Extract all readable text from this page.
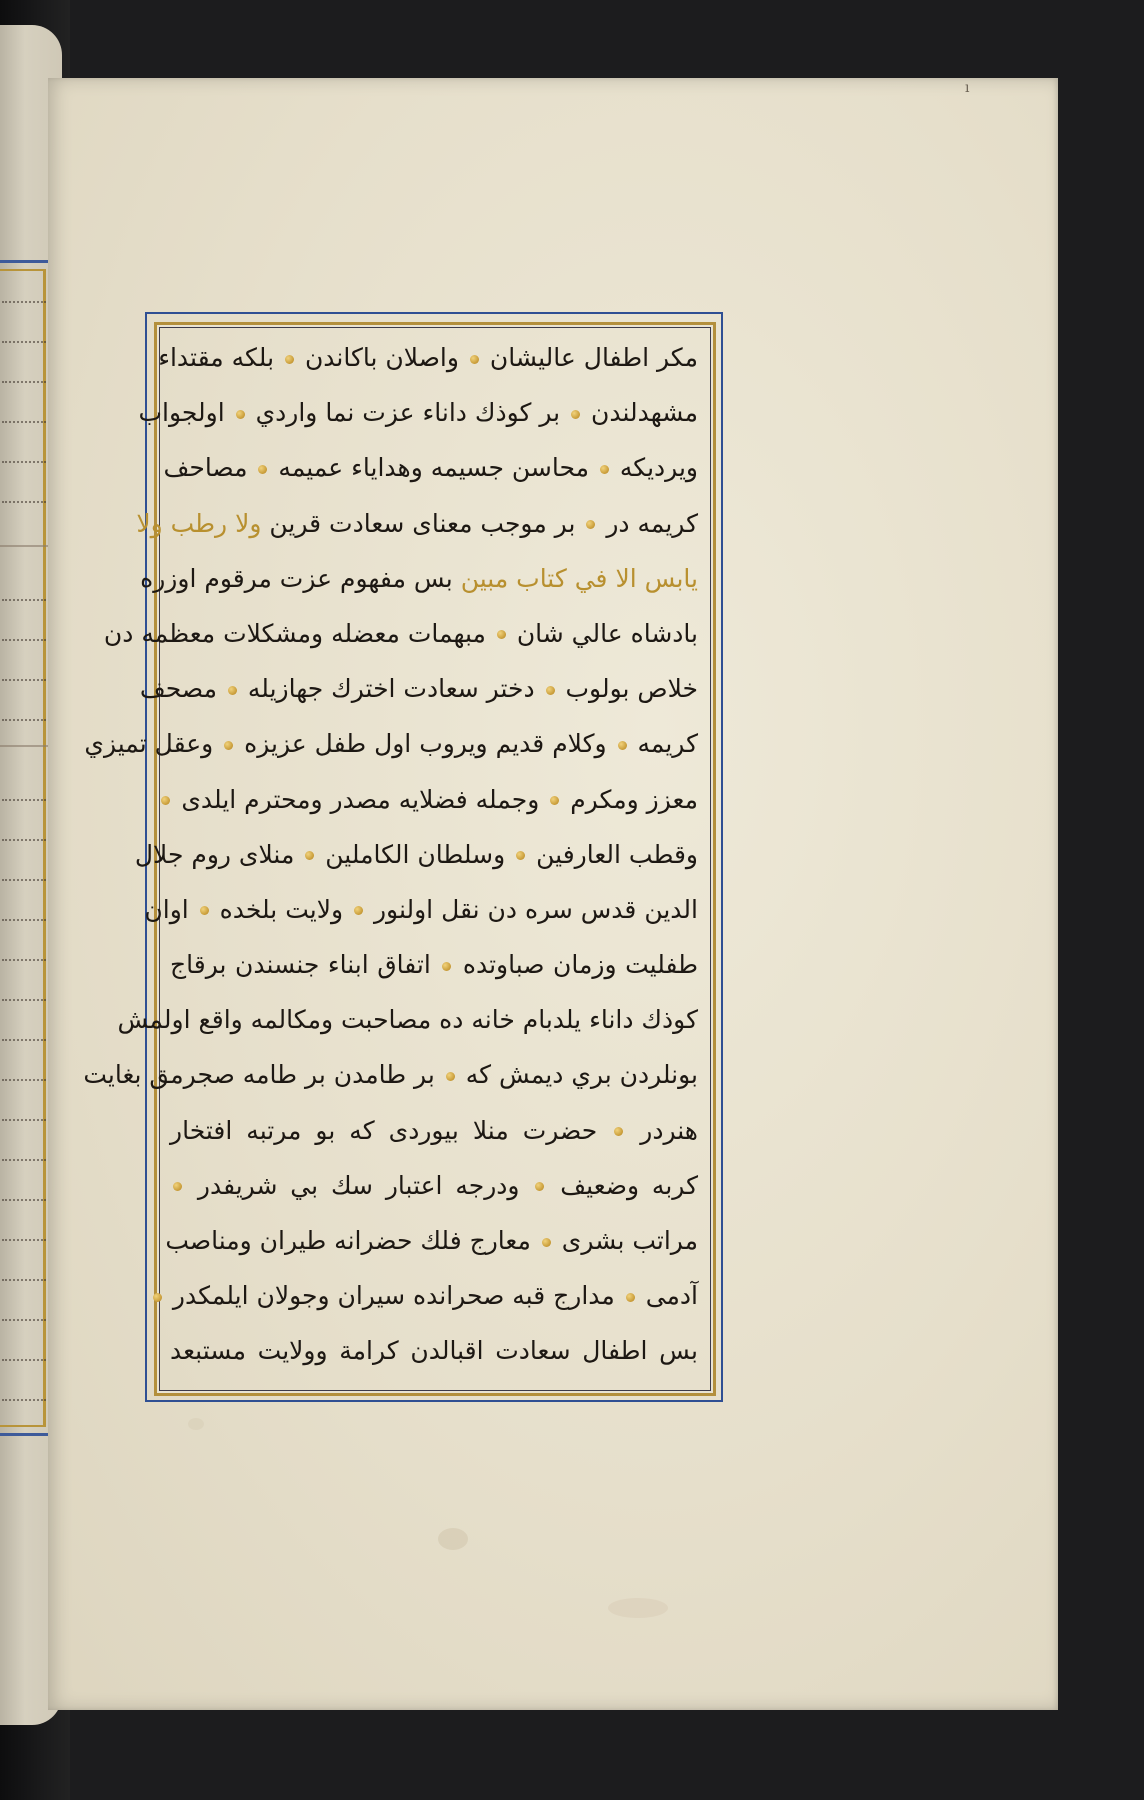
ı
مكر اطفال عاليشان  واصلان باكاندن  بلكه مقتداء
مشهدلندن  بر كوذك داناء عزت نما واردي  اولجواب
ويرديكه  محاسن جسيمه وهداياء عميمه  مصاحف
كريمه در  بر موجب معناى سعادت قرين ولا رطب ولا
يابس الا في كتاب مبين بس مفهوم عزت مرقوم اوزره
بادشاه عالي شان  مبهمات معضله ومشكلات معظمه دن
خلاص بولوب  دختر سعادت اخترك جهازيله  مصحف
كريمه  وكلام قديم ويروب اول طفل عزيزه  وعقل تميزي
معزز ومكرم  وجمله فضلايه مصدر ومحترم ايلدى
وقطب العارفين  وسلطان الكاملين  منلاى روم جلال
الدين قدس سره دن نقل اولنور  ولايت بلخده  اوان
طفليت وزمان صباوتده  اتفاق ابناء جنسندن برقاج
كوذك داناء يلدبام خانه ده مصاحبت ومكالمه واقع اولمش
بونلردن بري ديمش كه  بر طامدن بر طامه صجرمق بغايت
هنردر  حضرت منلا بيوردى كه بو مرتبه افتخار
كربه وضعيف  ودرجه اعتبار سك بي شريفدر
مراتب بشرى  معارج فلك حضرانه طيران ومناصب
آدمى  مدارج قبه صحرانده سيران وجولان ايلمكدر
بس اطفال سعادت اقبالدن كرامة وولايت مستبعد
